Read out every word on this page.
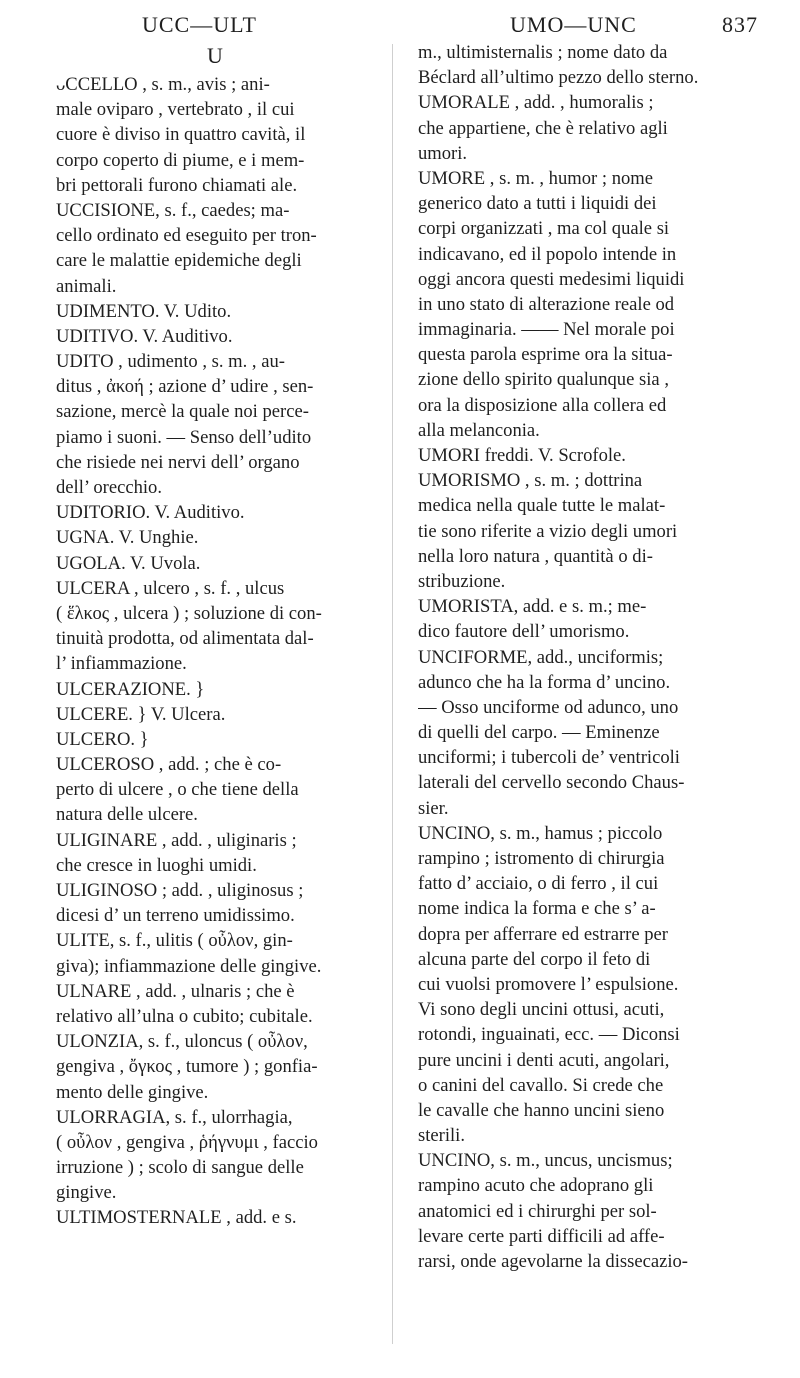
UCC—ULT	UMO—UNC	837
U
ᴗCCELLO , s. m., avis ; ani-
male oviparo , vertebrato , il cui
cuore è diviso in quattro cavità, il
corpo coperto di piume, e i mem-
bri pettorali furono chiamati ale.
UCCISIONE, s. f., caedes; ma-
cello ordinato ed eseguito per tron-
care le malattie epidemiche degli
animali.
UDIMENTO. V. Udito.
UDITIVO. V. Auditivo.
UDITO , udimento , s. m. , au-
ditus , ἀκοή ; azione d’ udire , sen-
sazione, mercè la quale noi perce-
piamo i suoni. — Senso dell’udito
che risiede nei nervi dell’ organo
dell’ orecchio.
UDITORIO. V. Auditivo.
UGNA. V. Unghie.
UGOLA. V. Uvola.
ULCERA , ulcero , s. f. , ulcus
( ἕλκος , ulcera ) ; soluzione di con-
tinuità prodotta, od alimentata dal-
l’ infiammazione.
ULCERAZIONE. }
ULCERE. } V. Ulcera.
ULCERO. }
ULCEROSO , add. ; che è co-
perto di ulcere , o che tiene della
natura delle ulcere.
ULIGINARE , add. , uliginaris ;
che cresce in luoghi umidi.
ULIGINOSO ; add. , uliginosus ;
dicesi d’ un terreno umidissimo.
ULITE, s. f., ulitis ( οὖλον, gin-
giva); infiammazione delle gingive.
ULNARE , add. , ulnaris ; che è
relativo all’ulna o cubito; cubitale.
ULONZIA, s. f., uloncus ( οὖλον,
gengiva , ὄγκος , tumore ) ; gonfia-
mento delle gingive.
ULORRAGIA, s. f., ulorrhagia,
( οὖλον , gengiva , ῥήγνυμι , faccio
irruzione ) ; scolo di sangue delle
gingive.
ULTIMOSTERNALE , add. e s.
m., ultimisternalis ; nome dato da
Béclard all’ultimo pezzo dello sterno.
UMORALE , add. , humoralis ;
che appartiene, che è relativo agli
umori.
UMORE , s. m. , humor ; nome
generico dato a tutti i liquidi dei
corpi organizzati , ma col quale si
indicavano, ed il popolo intende in
oggi ancora questi medesimi liquidi
in uno stato di alterazione reale od
immaginaria. —— Nel morale poi
questa parola esprime ora la situa-
zione dello spirito qualunque sia ,
ora la disposizione alla collera ed
alla melanconia.
UMORI freddi. V. Scrofole.
UMORISMO , s. m. ; dottrina
medica nella quale tutte le malat-
tie sono riferite a vizio degli umori
nella loro natura , quantità o di-
stribuzione.
UMORISTA, add. e s. m.; me-
dico fautore dell’ umorismo.
UNCIFORME, add., unciformis;
adunco che ha la forma d’ uncino.
— Osso unciforme od adunco, uno
di quelli del carpo. — Eminenze
unciformi; i tubercoli de’ ventricoli
laterali del cervello secondo Chaus-
sier.
UNCINO, s. m., hamus ; piccolo
rampino ; istromento di chirurgia
fatto d’ acciaio, o di ferro , il cui
nome indica la forma e che s’ a-
dopra per afferrare ed estrarre per
alcuna parte del corpo il feto di
cui vuolsi promovere l’ espulsione.
Vi sono degli uncini ottusi, acuti,
rotondi, inguainati, ecc. — Diconsi
pure uncini i denti acuti, angolari,
o canini del cavallo. Si crede che
le cavalle che hanno uncini sieno
sterili.
UNCINO, s. m., uncus, uncismus;
rampino acuto che adoprano gli
anatomici ed i chirurghi per sol-
levare certe parti difficili ad affe-
rarsi, onde agevolarne la dissecazio-
